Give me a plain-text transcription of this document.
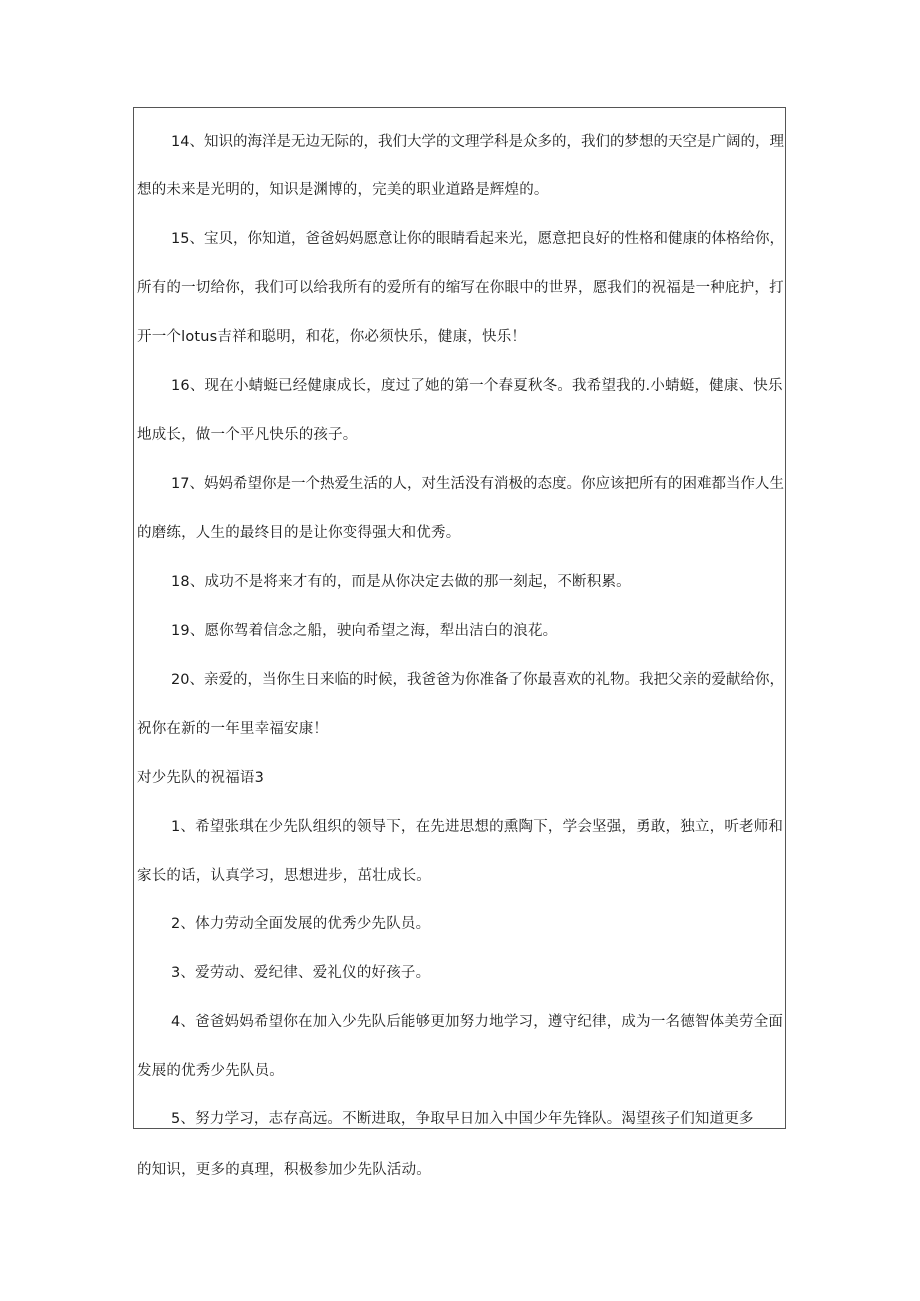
14、知识的海洋是无边无际的，我们大学的文理学科是众多的，我们的梦想的天空是广阔的，理
想的未来是光明的，知识是渊博的，完美的职业道路是辉煌的。
15、宝贝，你知道，爸爸妈妈愿意让你的眼睛看起来光，愿意把良好的性格和健康的体格给你，
所有的一切给你，我们可以给我所有的爱所有的缩写在你眼中的世界，愿我们的祝福是一种庇护，打
开一个lotus吉祥和聪明，和花，你必须快乐，健康，快乐！
16、现在小蜻蜓已经健康成长，度过了她的第一个春夏秋冬。我希望我的.小蜻蜓，健康、快乐
地成长，做一个平凡快乐的孩子。
17、妈妈希望你是一个热爱生活的人，对生活没有消极的态度。你应该把所有的困难都当作人生
的磨练，人生的最终目的是让你变得强大和优秀。
18、成功不是将来才有的，而是从你决定去做的那一刻起，不断积累。
19、愿你驾着信念之船，驶向希望之海，犁出洁白的浪花。
20、亲爱的，当你生日来临的时候，我爸爸为你准备了你最喜欢的礼物。我把父亲的爱献给你，
祝你在新的一年里幸福安康！
对少先队的祝福语3
1、希望张琪在少先队组织的领导下，在先进思想的熏陶下，学会坚强，勇敢，独立，听老师和
家长的话，认真学习，思想进步，茁壮成长。
2、体力劳动全面发展的优秀少先队员。
3、爱劳动、爱纪律、爱礼仪的好孩子。
4、爸爸妈妈希望你在加入少先队后能够更加努力地学习，遵守纪律，成为一名德智体美劳全面
发展的优秀少先队员。
5、努力学习，志存高远。不断进取，争取早日加入中国少年先锋队。渴望孩子们知道更多
的知识，更多的真理，积极参加少先队活动。
